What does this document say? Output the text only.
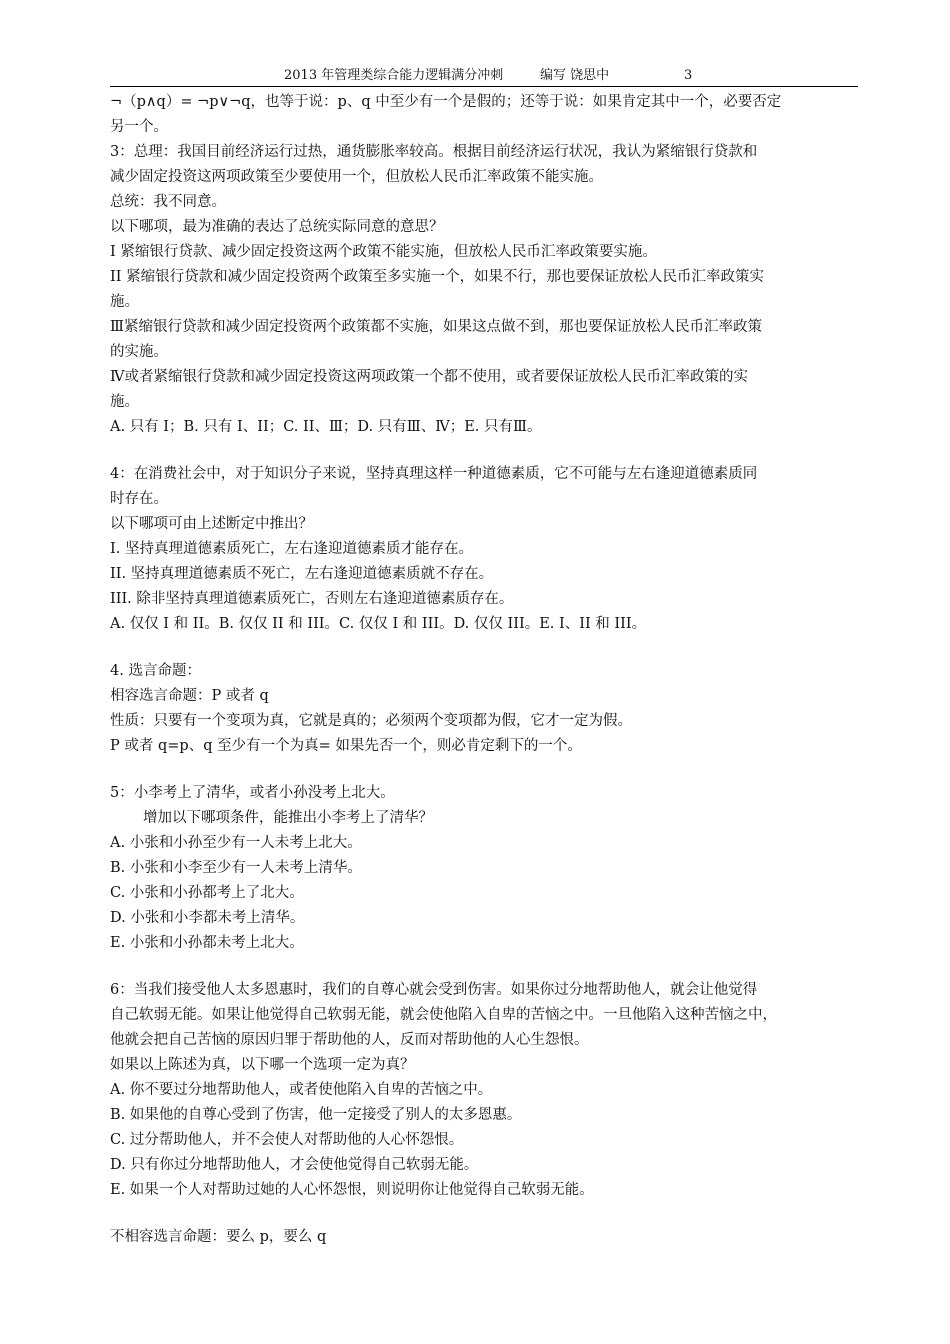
2013 年管理类综合能力逻辑满分冲刺	编写 饶思中	3
¬（p∧q）= ¬p∨¬q，也等于说：p、q 中至少有一个是假的；还等于说：如果肯定其中一个，必要否定
另一个。
3：总理：我国目前经济运行过热，通货膨胀率较高。根据目前经济运行状况，我认为紧缩银行贷款和
减少固定投资这两项政策至少要使用一个，但放松人民币汇率政策不能实施。
总统：我不同意。
以下哪项，最为准确的表达了总统实际同意的意思？
I 紧缩银行贷款、减少固定投资这两个政策不能实施，但放松人民币汇率政策要实施。
II 紧缩银行贷款和减少固定投资两个政策至多实施一个，如果不行，那也要保证放松人民币汇率政策实
施。
Ⅲ紧缩银行贷款和减少固定投资两个政策都不实施，如果这点做不到，那也要保证放松人民币汇率政策
的实施。
Ⅳ或者紧缩银行贷款和减少固定投资这两项政策一个都不使用，或者要保证放松人民币汇率政策的实
施。
A. 只有 I；B. 只有 I、II；C. II、Ⅲ；D. 只有Ⅲ、Ⅳ；E. 只有Ⅲ。
4：在消费社会中，对于知识分子来说，坚持真理这样一种道德素质，它不可能与左右逢迎道德素质同
时存在。
以下哪项可由上述断定中推出？
I. 坚持真理道德素质死亡，左右逢迎道德素质才能存在。
II. 坚持真理道德素质不死亡，左右逢迎道德素质就不存在。
III. 除非坚持真理道德素质死亡，否则左右逢迎道德素质存在。
A. 仅仅 I 和 II。B. 仅仅 II 和 III。C. 仅仅 I 和 III。D. 仅仅 III。E. I、II 和 III。
4. 选言命题：
相容选言命题：P 或者 q
性质：只要有一个变项为真，它就是真的；必须两个变项都为假，它才一定为假。
P 或者 q=p、q 至少有一个为真= 如果先否一个，则必肯定剩下的一个。
5：小李考上了清华，或者小孙没考上北大。
增加以下哪项条件，能推出小李考上了清华？
A. 小张和小孙至少有一人未考上北大。
B. 小张和小李至少有一人未考上清华。
C. 小张和小孙都考上了北大。
D. 小张和小李都未考上清华。
E. 小张和小孙都未考上北大。
6：当我们接受他人太多恩惠时，我们的自尊心就会受到伤害。如果你过分地帮助他人，就会让他觉得
自己软弱无能。如果让他觉得自己软弱无能，就会使他陷入自卑的苦恼之中。一旦他陷入这种苦恼之中，
他就会把自己苦恼的原因归罪于帮助他的人，反而对帮助他的人心生怨恨。
如果以上陈述为真，以下哪一个选项一定为真？
A. 你不要过分地帮助他人，或者使他陷入自卑的苦恼之中。
B. 如果他的自尊心受到了伤害，他一定接受了别人的太多恩惠。
C. 过分帮助他人，并不会使人对帮助他的人心怀怨恨。
D. 只有你过分地帮助他人，才会使他觉得自己软弱无能。
E. 如果一个人对帮助过她的人心怀怨恨，则说明你让他觉得自己软弱无能。
不相容选言命题：要么 p，要么 q
